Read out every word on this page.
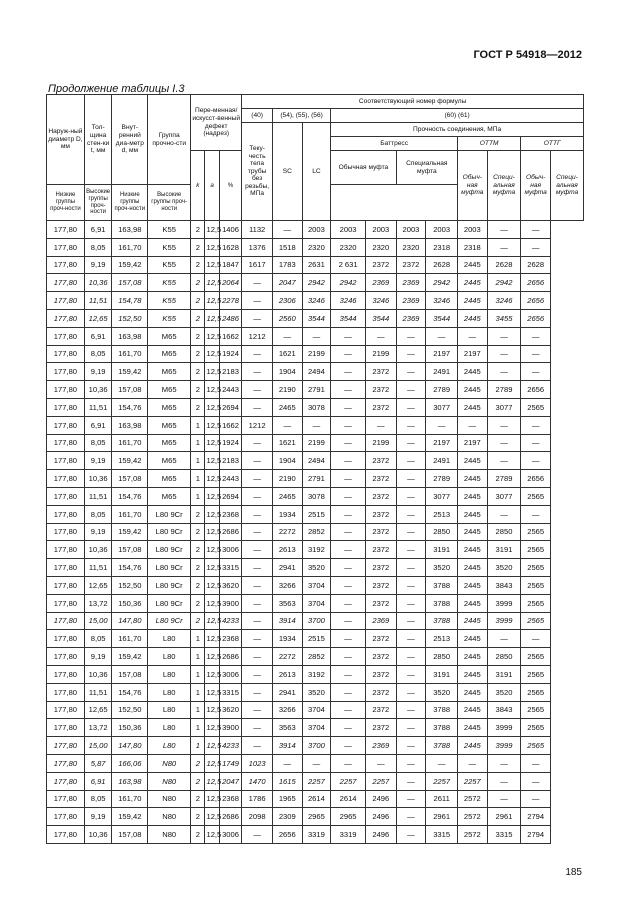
ГОСТ Р 54918—2012
Продолжение таблицы I.3
Наруж-ный диаметр D, мм	Тол-щина стен-ки t, мм	Внут-ренний диа-метр d, мм	Группа прочно-сти	Пере-менная/ искусст-венный дефект (надрез)			Соответствующий номер формулы										
							(40)	(54), (55), (56)		(60) (61)							
							Теку-честь тела трубы без резьбы, МПа	SC	LC	Прочность соединения, МПа							
										Баттресс				ОТТМ		ОТТГ	
				k	a	%				Обычная муфта		Специальная муфта		Обыч-ная муфта	Специ-альная муфта	Обыч-ная муфта	Специ-альная муфта
Низкие группы проч-ности	Высокие группы проч-ности	Низкие группы проч-ности	Высокие группы проч-ности														
177,80	6,91	163,98	K55	2	12,5	1406	1132	—	2003	2003	2003	2003	2003	2003	—	—	
177,80	8,05	161,70	K55	2	12,5	1628	1376	1518	2320	2320	2320	2320	2318	2318	—	—	
177,80	9,19	159,42	K55	2	12,5	1847	1617	1783	2631	2 631	2372	2372	2628	2445	2628	2628	
177,80	10,36	157,08	K55	2	12,5	2064	—	2047	2942	2942	2369	2369	2942	2445	2942	2656	
177,80	11,51	154,78	K55	2	12,5	2278	—	2306	3246	3246	3246	2369	3246	2445	3246	2656	
177,80	12,65	152,50	K55	2	12,5	2486	—	2560	3544	3544	3544	2369	3544	2445	3455	2656	
177,80	6,91	163,98	M65	2	12,5	1662	1212	—	—	—	—	—	—	—	—	—	
177,80	8,05	161,70	M65	2	12,5	1924	—	1621	2199	—	2199	—	2197	2197	—	—	
177,80	9,19	159,42	M65	2	12,5	2183	—	1904	2494	—	2372	—	2491	2445	—	—	
177,80	10,36	157,08	M65	2	12,5	2443	—	2190	2791	—	2372	—	2789	2445	2789	2656	
177,80	11,51	154,76	M65	2	12,5	2694	—	2465	3078	—	2372	—	3077	2445	3077	2565	
177,80	6,91	163,98	M65	1	12,5	1662	1212	—	—	—	—	—	—	—	—	—	
177,80	8,05	161,70	M65	1	12,5	1924	—	1621	2199	—	2199	—	2197	2197	—	—	
177,80	9,19	159,42	M65	1	12,5	2183	—	1904	2494	—	2372	—	2491	2445	—	—	
177,80	10,36	157,08	M65	1	12,5	2443	—	2190	2791	—	2372	—	2789	2445	2789	2656	
177,80	11,51	154,76	M65	1	12,5	2694	—	2465	3078	—	2372	—	3077	2445	3077	2565	
177,80	8,05	161,70	L80 9Cr	2	12,5	2368	—	1934	2515	—	2372	—	2513	2445	—	—	
177,80	9,19	159,42	L80 9Cr	2	12,5	2686	—	2272	2852	—	2372	—	2850	2445	2850	2565	
177,80	10,36	157,08	L80 9Cr	2	12,5	3006	—	2613	3192	—	2372	—	3191	2445	3191	2565	
177,80	11,51	154,76	L80 9Cr	2	12,5	3315	—	2941	3520	—	2372	—	3520	2445	3520	2565	
177,80	12,65	152,50	L80 9Cr	2	12,5	3620	—	3266	3704	—	2372	—	3788	2445	3843	2565	
177,80	13,72	150,36	L80 9Cr	2	12,5	3900	—	3563	3704	—	2372	—	3788	2445	3999	2565	
177,80	15,00	147,80	L80 9Cr	2	12,5	4233	—	3914	3700	—	2369	—	3788	2445	3999	2565	
177,80	8,05	161,70	L80	1	12,5	2368	—	1934	2515	—	2372	—	2513	2445	—	—	
177,80	9,19	159,42	L80	1	12,5	2686	—	2272	2852	—	2372	—	2850	2445	2850	2565	
177,80	10,36	157,08	L80	1	12,5	3006	—	2613	3192	—	2372	—	3191	2445	3191	2565	
177,80	11,51	154,76	L80	1	12,5	3315	—	2941	3520	—	2372	—	3520	2445	3520	2565	
177,80	12,65	152,50	L80	1	12,5	3620	—	3266	3704	—	2372	—	3788	2445	3843	2565	
177,80	13,72	150,36	L80	1	12,5	3900	—	3563	3704	—	2372	—	3788	2445	3999	2565	
177,80	15,00	147,80	L80	1	12,5	4233	—	3914	3700	—	2369	—	3788	2445	3999	2565	
177,80	5,87	166,06	N80	2	12,5	1749	1023	—	—	—	—	—	—	—	—	—	
177,80	6,91	163,98	N80	2	12,5	2047	1470	1615	2257	2257	2257	—	2257	2257	—	—	
177,80	8,05	161,70	N80	2	12,5	2368	1786	1965	2614	2614	2496	—	2611	2572	—	—	
177,80	9,19	159,42	N80	2	12,5	2686	2098	2309	2965	2965	2496	—	2961	2572	2961	2794	
177,80	10,36	157,08	N80	2	12,5	3006	—	2656	3319	3319	2496	—	3315	2572	3315	2794	
185
